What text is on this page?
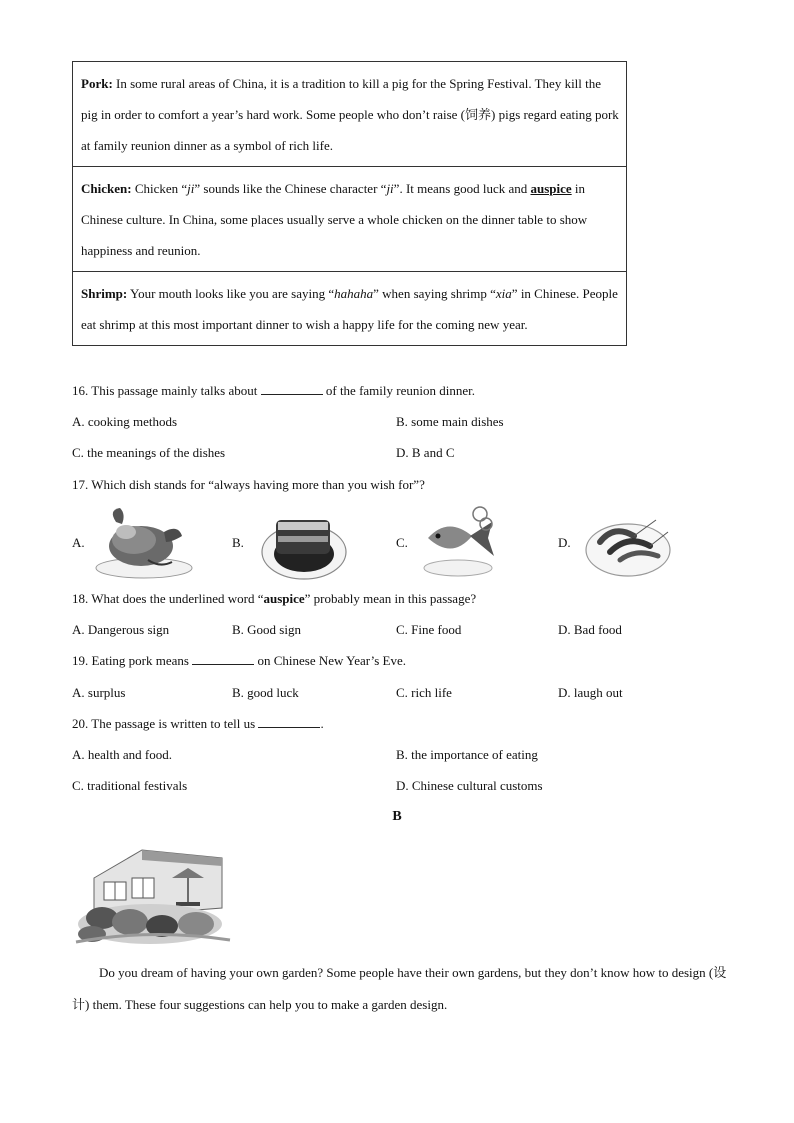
Pork: In some rural areas of China, it is a tradition to kill a pig for the Spring Festival. They kill the pig in order to comfort a year’s hard work. Some people who don’t raise (饲养) pigs regard eating pork at family reunion dinner as a symbol of rich life.
Chicken: Chicken “ji” sounds like the Chinese character “ji”. It means good luck and auspice in Chinese culture. In China, some places usually serve a whole chicken on the dinner table to show happiness and reunion.
Shrimp: Your mouth looks like you are saying “hahaha” when saying shrimp “xia” in Chinese. People eat shrimp at this most important dinner to wish a happy life for the coming new year.
16. This passage mainly talks about	of the family reunion dinner.
A. cooking methods	B. some main dishes
C. the meanings of the dishes	D. B and C
17. Which dish stands for “always having more than you wish for”?
A.	B.	C.	D.
18. What does the underlined word “auspice” probably mean in this passage?
A. Dangerous sign	B. Good sign	C. Fine food	D. Bad food
19. Eating pork means	on Chinese New Year’s Eve.
A. surplus	B. good luck	C. rich life	D. laugh out
20. The passage is written to tell us	.
A. health and food.	B. the importance of eating
C. traditional festivals	D. Chinese cultural customs
B
Do you dream of having your own garden? Some people have their own gardens, but they don’t know how to design (设计) them. These four suggestions can help you to make a garden design.
